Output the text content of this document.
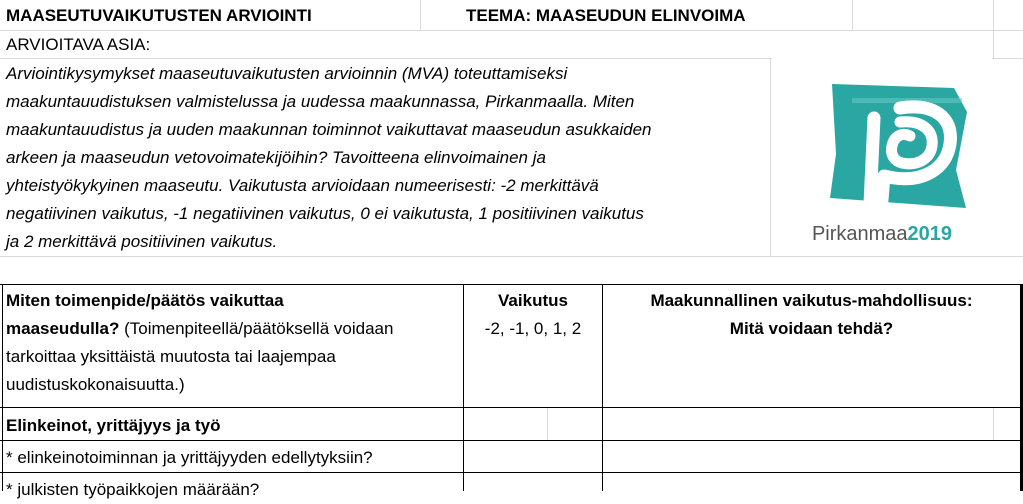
MAASEUTUVAIKUTUSTEN ARVIOINTI	TEEMA: MAASEUDUN ELINVOIMA
ARVIOITAVA ASIA:
Arviointikysymykset maaseutuvaikutusten arvioinnin (MVA) toteuttamiseksi
maakuntauudistuksen valmistelussa ja uudessa maakunnassa, Pirkanmaalla. Miten
maakuntauudistus ja uuden maakunnan toiminnot vaikuttavat maaseudun asukkaiden
arkeen ja maaseudun vetovoimatekijöihin? Tavoitteena elinvoimainen ja
yhteistyökykyinen maaseutu. Vaikutusta arvioidaan numeerisesti: -2 merkittävä
negatiivinen vaikutus, -1 negatiivinen vaikutus, 0 ei vaikutusta, 1 positiivinen vaikutus
ja 2 merkittävä positiivinen vaikutus.	Pirkanmaa2019
Miten toimenpide/päätös vaikuttaa
maaseudulla? (Toimenpiteellä/päätöksellä voidaan
tarkoittaa yksittäistä muutosta tai laajempaa
uudistuskokonaisuutta.)
Vaikutus
-2, -1, 0, 1, 2
Maakunnallinen vaikutus-mahdollisuus:
Mitä voidaan tehdä?
Elinkeinot, yrittäjyys ja työ
* elinkeinotoiminnan ja yrittäjyyden edellytyksiin?
* julkisten työpaikkojen määrään?
